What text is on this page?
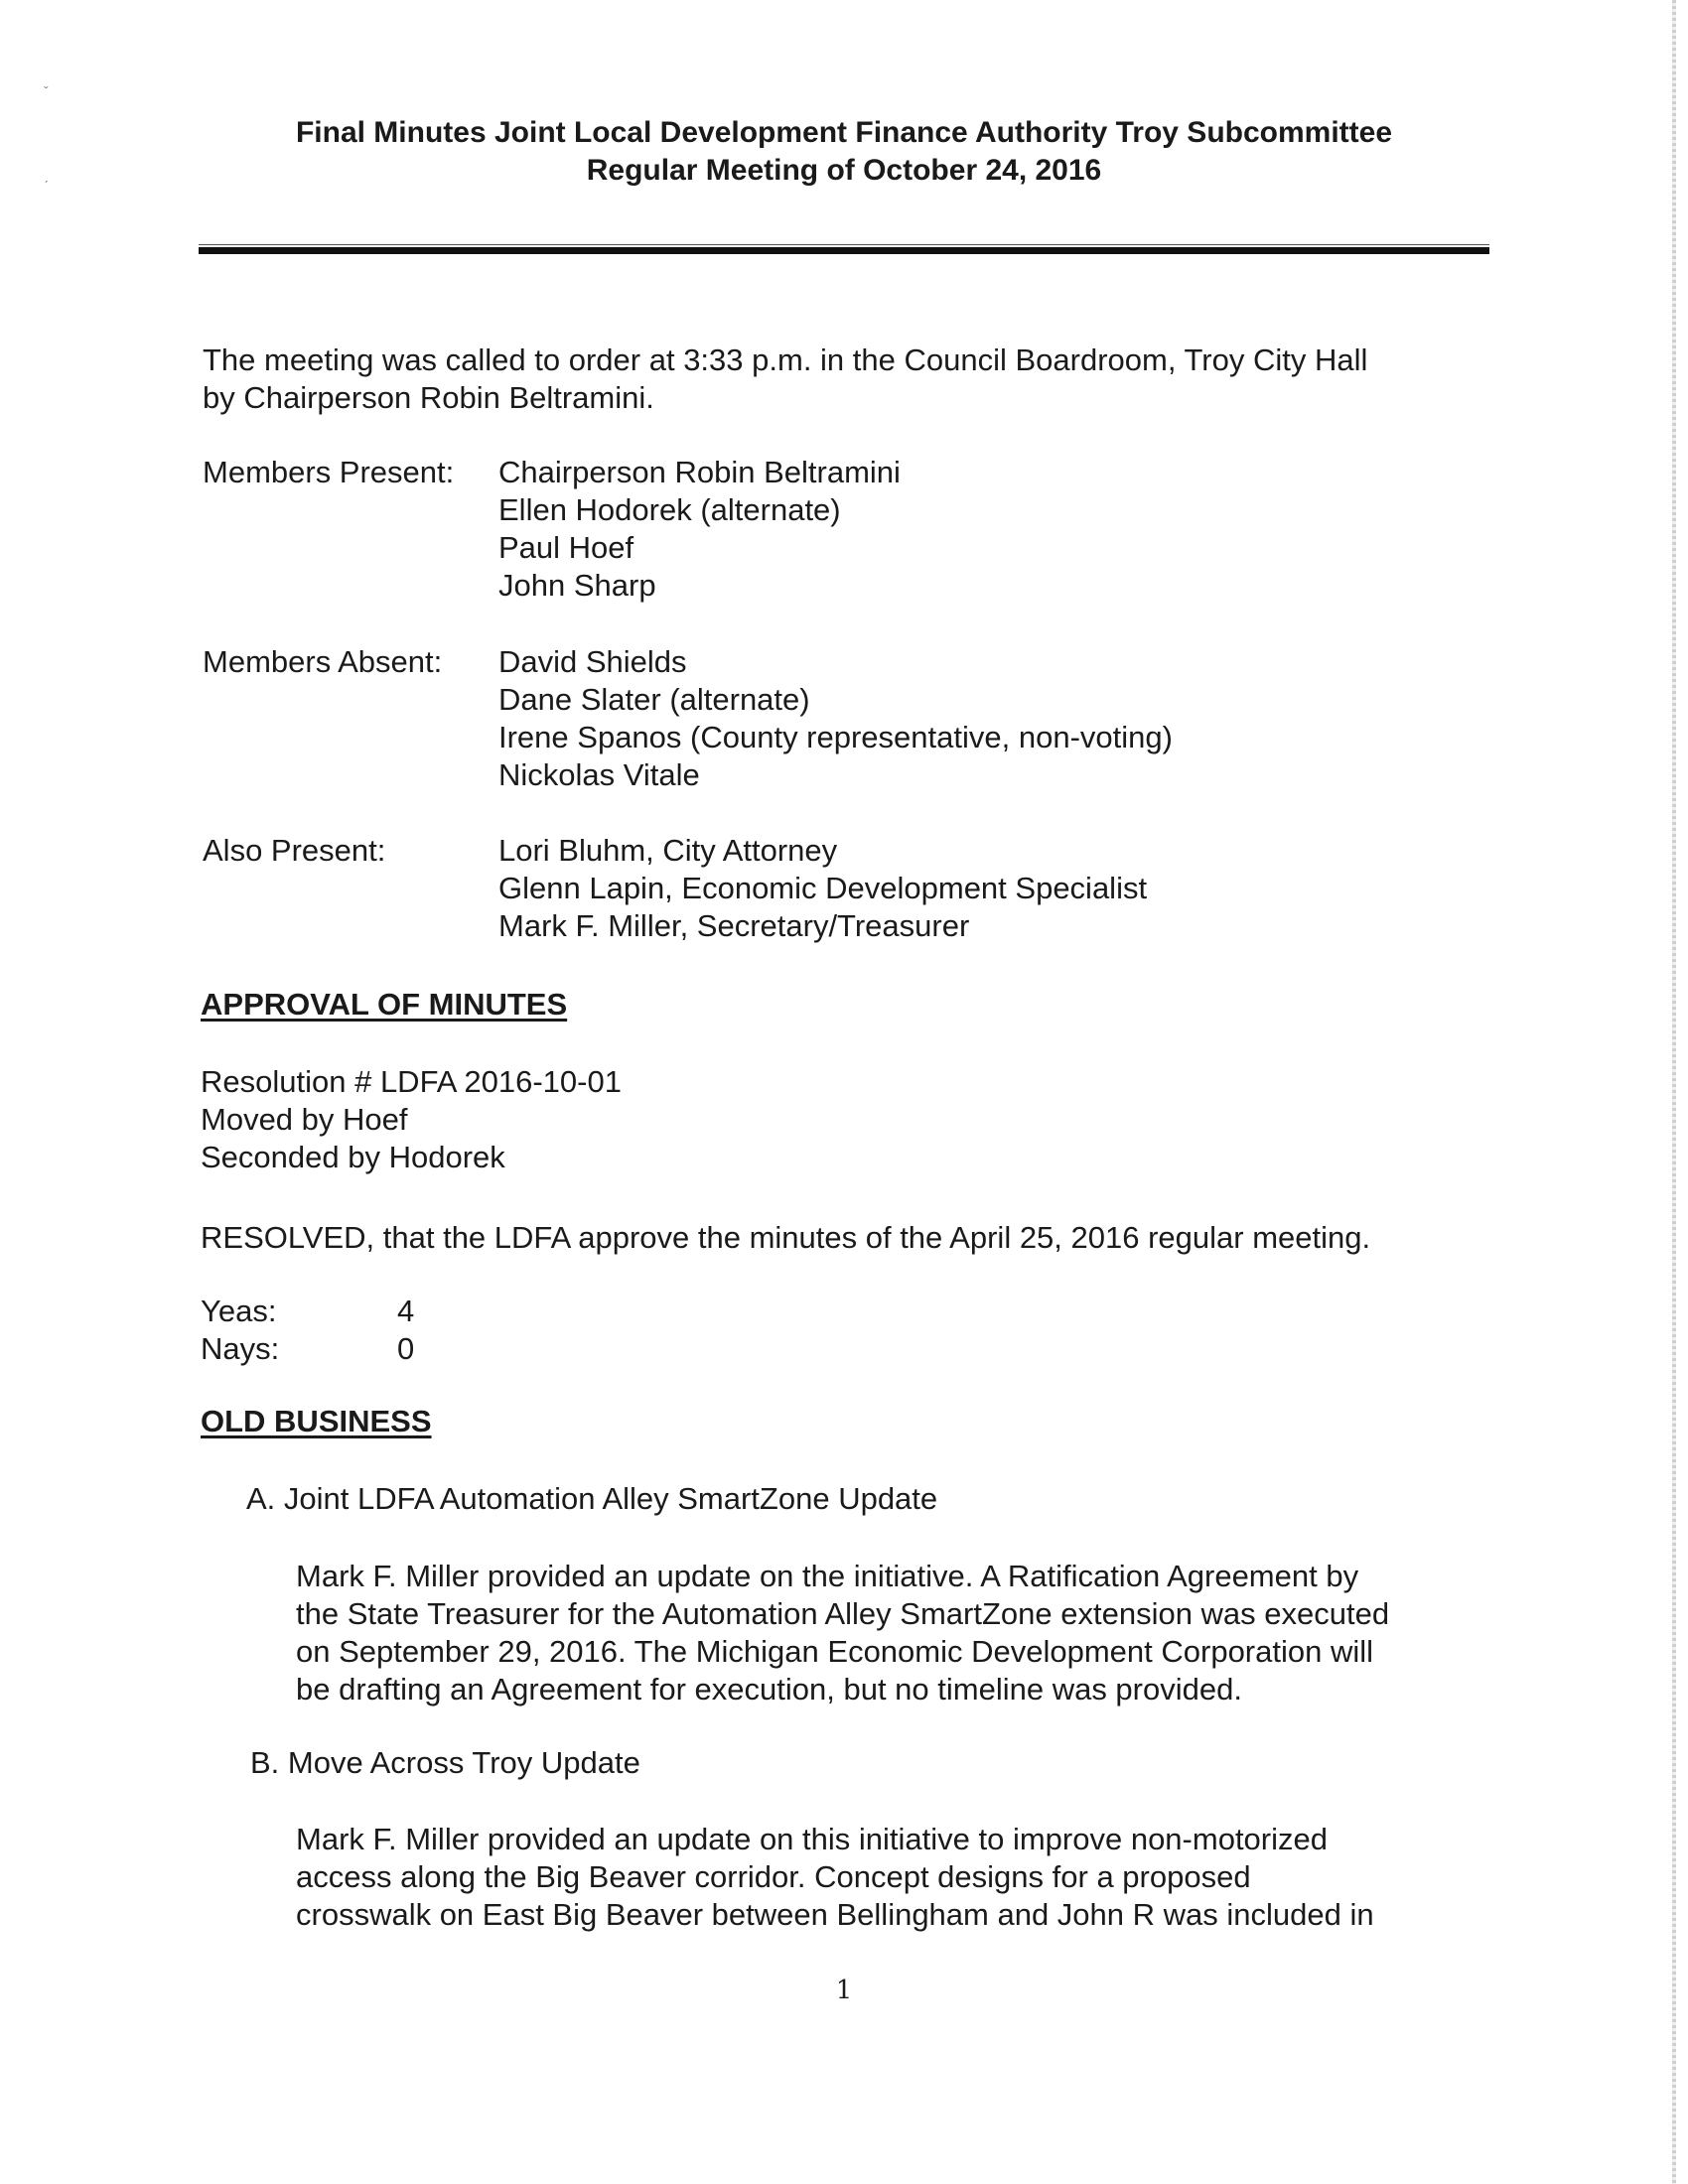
ˇ
ˏ
Final Minutes Joint Local Development Finance Authority Troy Subcommittee
Regular Meeting of October 24, 2016
The meeting was called to order at 3:33 p.m. in the Council Boardroom, Troy City Hall
by Chairperson Robin Beltramini.
Members Present: Chairperson Robin Beltramini
Ellen Hodorek (alternate)
Paul Hoef
John Sharp
Members Absent: David Shields
Dane Slater (alternate)
Irene Spanos (County representative, non-voting)
Nickolas Vitale
Also Present:	Lori Bluhm, City Attorney
Glenn Lapin, Economic Development Specialist
Mark F. Miller, Secretary/Treasurer
APPROVAL OF MINUTES
Resolution # LDFA 2016-10-01
Moved by Hoef
Seconded by Hodorek
RESOLVED, that the LDFA approve the minutes of the April 25, 2016 regular meeting.
Yeas:	4
Nays:	0
OLD BUSINESS
A. Joint LDFA Automation Alley SmartZone Update
Mark F. Miller provided an update on the initiative. A Ratification Agreement by
the State Treasurer for the Automation Alley SmartZone extension was executed
on September 29, 2016. The Michigan Economic Development Corporation will
be drafting an Agreement for execution, but no timeline was provided.
B. Move Across Troy Update
Mark F. Miller provided an update on this initiative to improve non-motorized
access along the Big Beaver corridor. Concept designs for a proposed
crosswalk on East Big Beaver between Bellingham and John R was included in
1
